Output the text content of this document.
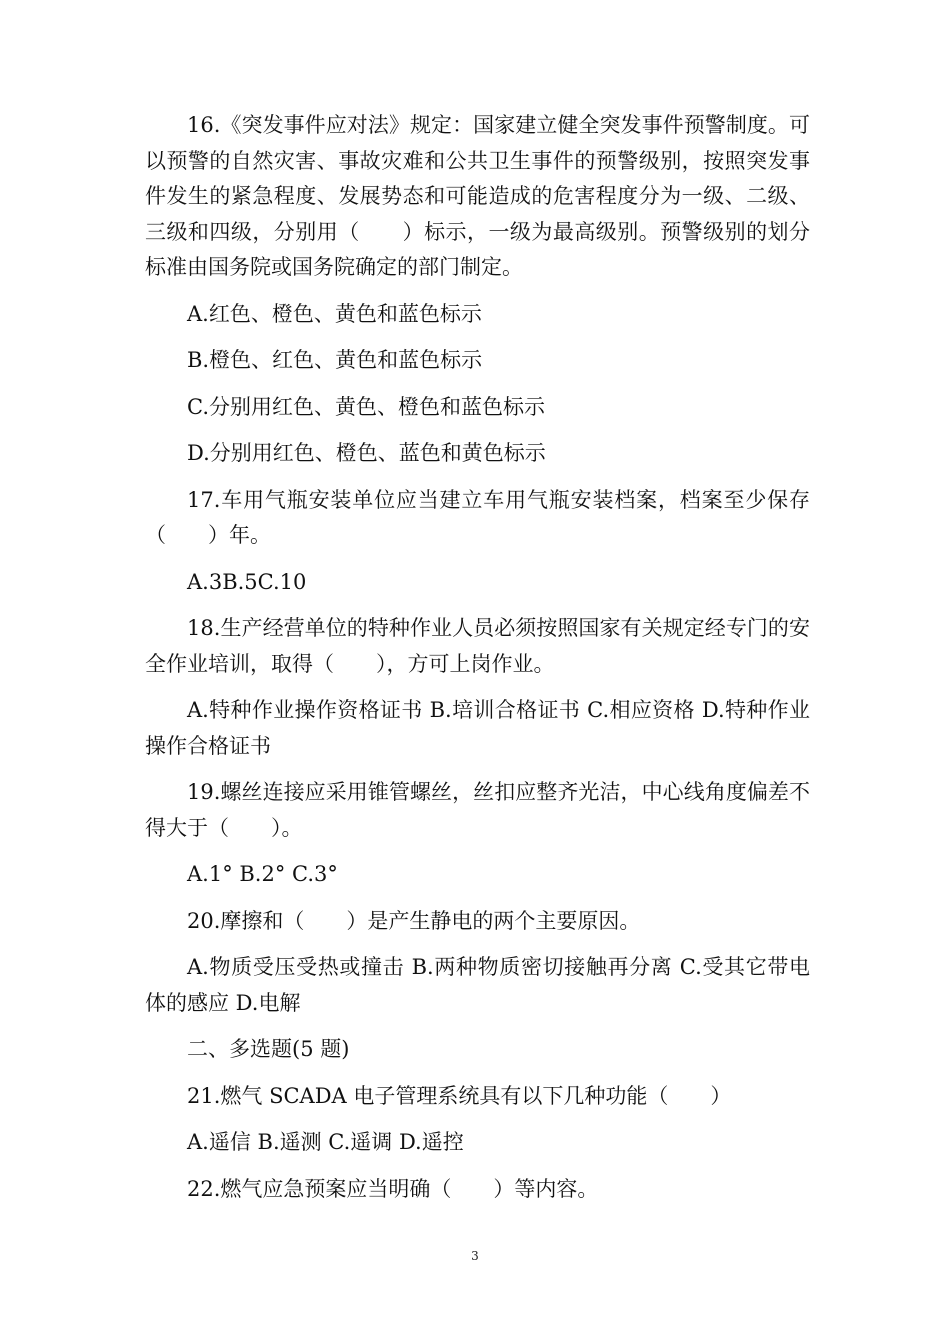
16.《突发事件应对法》规定：国家建立健全突发事件预警制度。可以预警的自然灾害、事故灾难和公共卫生事件的预警级别，按照突发事件发生的紧急程度、发展势态和可能造成的危害程度分为一级、二级、三级和四级，分别用（　　）标示，一级为最高级别。预警级别的划分标准由国务院或国务院确定的部门制定。

A.红色、橙色、黄色和蓝色标示

B.橙色、红色、黄色和蓝色标示

C.分别用红色、黄色、橙色和蓝色标示

D.分别用红色、橙色、蓝色和黄色标示

17.车用气瓶安装单位应当建立车用气瓶安装档案，档案至少保存（　　）年。

A.3B.5C.10

18.生产经营单位的特种作业人员必须按照国家有关规定经专门的安全作业培训，取得（　　），方可上岗作业。

A.特种作业操作资格证书 B.培训合格证书 C.相应资格 D.特种作业操作合格证书

19.螺丝连接应采用锥管螺丝，丝扣应整齐光洁，中心线角度偏差不得大于（　　）。

A.1° B.2° C.3°

20.摩擦和（　　）是产生静电的两个主要原因。

A.物质受压受热或撞击 B.两种物质密切接触再分离 C.受其它带电体的感应 D.电解

二、多选题(5 题)

21.燃气 SCADA 电子管理系统具有以下几种功能（　　）

A.遥信 B.遥测 C.遥调 D.遥控

22.燃气应急预案应当明确（　　）等内容。

3
